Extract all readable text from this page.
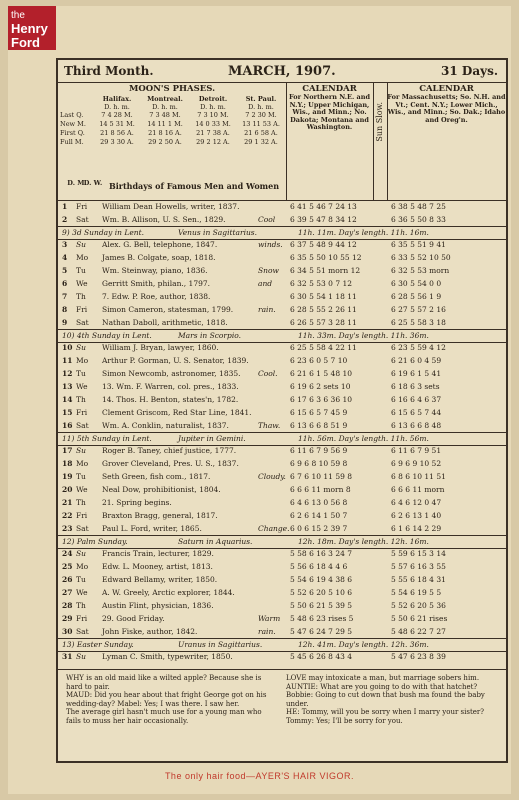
the
Henry
Ford
Third Month.	MARCH, 1907.	31 Days.
MOON'S PHASES.
Halifax.
D. h. m.
Montreal.
D. h. m.
Detroit.
D. h. m.
St. Paul.
D. h. m.
Last Q.	7 4 28 M.	7 3 48 M.	7 3 10 M.	7 2 30 M.
New M.	14 5 31 M.	14 11 1 M.	14 0 33 M.	13 11 53 A.
First Q.	21 8 56 A.	21 8 16 A.	21 7 38 A.	21 6 58 A.
Full M.	29 3 30 A.	29 2 50 A.	29 2 12 A.	29 1 32 A.
CALENDAR
For Northern N.E. and N.Y.; Upper Michigan, Wis., and Minn.; No. Dakota; Montana and Washington.	Sun Slow.
CALENDAR
For Massachusetts; So. N.H. and Vt.; Cent. N.Y.; Lower Mich., Wis., and Minn.; So. Dak.; Idaho and Oreg'n.
D. M.
D. W. Birthdays of Famous Men and Women
1 Fri William Dean Howells, writer, 1837.	6 41 5 46 7 24 13	6 38 5 48 7 25
2 Sat Wm. B. Allison, U. S. Sen., 1829.	Cool 6 39 5 47 8 34 12	6 36 5 50 8 33
9) 3d Sunday in Lent.	Venus in Sagittarius.	11h. 11m. Day's length. 11h. 16m.
3 Su Alex. G. Bell, telephone, 1847.	winds. 6 37 5 48 9 44 12	6 35 5 51 9 41
4 Mo James B. Colgate, soap, 1818.	6 35 5 50 10 55 12	6 33 5 52 10 50
5 Tu Wm. Steinway, piano, 1836.	Snow 6 34 5 51 morn 12	6 32 5 53 morn
6 We Gerritt Smith, philan., 1797.	and 6 32 5 53 0 7 12	6 30 5 54 0 0
7 Th 7. Edw. P. Roe, author, 1838.	6 30 5 54 1 18 11	6 28 5 56 1 9
8 Fri Simon Cameron, statesman, 1799.	rain. 6 28 5 55 2 26 11	6 27 5 57 2 16
9 Sat Nathan Daboll, arithmetic, 1818.	6 26 5 57 3 28 11	6 25 5 58 3 18
10) 4th Sunday in Lent.	Mars in Scorpio.	11h. 33m. Day's length. 11h. 36m.
10 Su William J. Bryan, lawyer, 1860.	6 25 5 58 4 22 11	6 23 5 59 4 12
11 Mo Arthur P. Gorman, U. S. Senator, 1839.	6 23 6 0 5 7 10	6 21 6 0 4 59
12 Tu Simon Newcomb, astronomer, 1835. Cool. 6 21 6 1 5 48 10	6 19 6 1 5 41
13 We 13. Wm. F. Warren, col. pres., 1833.	6 19 6 2 sets 10	6 18 6 3 sets
14 Th 14. Thos. H. Benton, states'n, 1782.	6 17 6 3 6 36 10	6 16 6 4 6 37
15 Fri Clement Griscom, Red Star Line, 1841.	6 15 6 5 7 45 9	6 15 6 5 7 44
16 Sat Wm. A. Conklin, naturalist, 1837.	Thaw. 6 13 6 6 8 51 9	6 13 6 6 8 48
11) 5th Sunday in Lent.	Jupiter in Gemini.	11h. 56m. Day's length. 11h. 56m.
17 Su Roger B. Taney, chief justice, 1777.	6 11 6 7 9 56 9	6 11 6 7 9 51
18 Mo Grover Cleveland, Pres. U. S., 1837.	6 9 6 8 10 59 8	6 9 6 9 10 52
19 Tu Seth Green, fish com., 1817.	Cloudy. 6 7 6 10 11 59 8	6 8 6 10 11 51
20 We Neal Dow, prohibitionist, 1804.	6 6 6 11 morn 8	6 6 6 11 morn
21 Th 21. Spring begins.	6 4 6 13 0 56 8	6 4 6 12 0 47
22 Fri Braxton Bragg, general, 1817.	6 2 6 14 1 50 7	6 2 6 13 1 40
23 Sat Paul L. Ford, writer, 1865.	Change. 6 0 6 15 2 39 7	6 1 6 14 2 29
12) Palm Sunday.	Saturn in Aquarius.	12h. 18m. Day's length. 12h. 16m.
24 Su Francis Train, lecturer, 1829.	5 58 6 16 3 24 7	5 59 6 15 3 14
25 Mo Edw. L. Mooney, artist, 1813.	5 56 6 18 4 4 6	5 57 6 16 3 55
26 Tu Edward Bellamy, writer, 1850.	5 54 6 19 4 38 6	5 55 6 18 4 31
27 We A. W. Greely, Arctic explorer, 1844.	5 52 6 20 5 10 6	5 54 6 19 5 5
28 Th Austin Flint, physician, 1836.	5 50 6 21 5 39 5	5 52 6 20 5 36
29 Fri 29. Good Friday.	Warm 5 48 6 23 rises 5	5 50 6 21 rises
30 Sat John Fiske, author, 1842.	rain. 5 47 6 24 7 29 5	5 48 6 22 7 27
13) Easter Sunday.	Uranus in Sagittarius.	12h. 41m. Day's length. 12h. 36m.
31 Su Lyman C. Smith, typewriter, 1850.	5 45 6 26 8 43 4	5 47 6 23 8 39
WHY is an old maid like a wilted apple? Because she is hard to pair.
MAUD: Did you hear about that fright George got on his wedding-day? Mabel: Yes; I was there. I saw her.
The average girl hasn't much use for a young man who fails to muss her hair occasionally.
LOVE may intoxicate a man, but marriage sobers him.
AUNTIE: What are you going to do with that hatchet? Bobbie: Going to cut down that bush ma found the baby under.
HE: Tommy, will you be sorry when I marry your sister? Tommy: Yes; I'll be sorry for you.
The only hair food—AYER'S HAIR VIGOR.
